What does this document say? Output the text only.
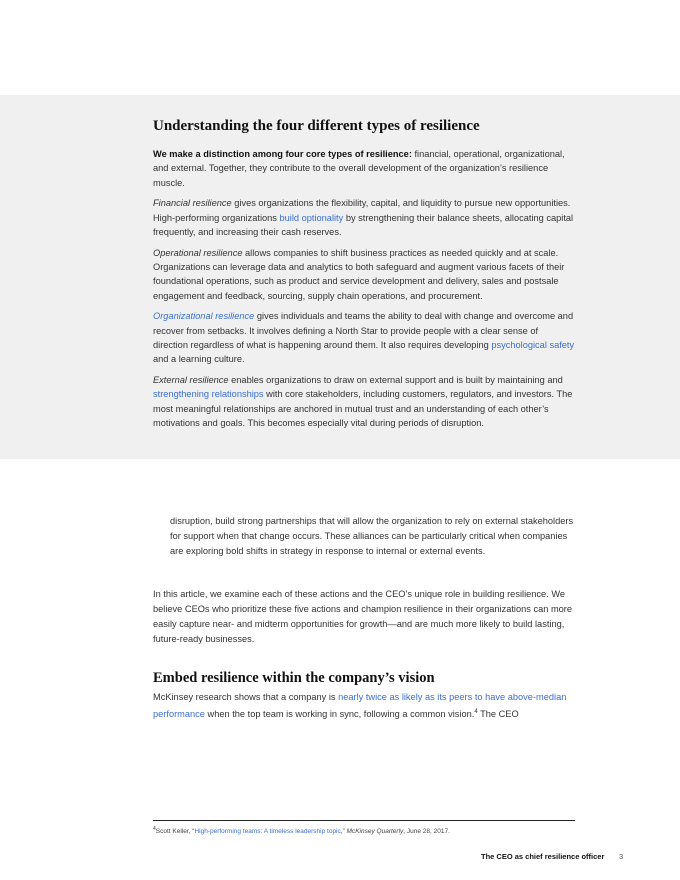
Understanding the four different types of resilience

We make a distinction among four core types of resilience: financial, operational, organizational, and external. Together, they contribute to the overall development of the organization’s resilience muscle.

Financial resilience gives organizations the flexibility, capital, and liquidity to pursue new opportunities. High-performing organizations build optionality by strengthening their balance sheets, allocating capital frequently, and increasing their cash reserves.

Operational resilience allows companies to shift business practices as needed quickly and at scale. Organizations can leverage data and analytics to both safeguard and augment various facets of their foundational operations, such as product and service development and delivery, sales and postsale engagement and feedback, sourcing, supply chain operations, and procurement.

Organizational resilience gives individuals and teams the ability to deal with change and overcome and recover from setbacks. It involves defining a North Star to provide people with a clear sense of direction regardless of what is happening around them. It also requires developing psychological safety and a learning culture.

External resilience enables organizations to draw on external support and is built by maintaining and strengthening relationships with core stakeholders, including customers, regulators, and investors. The most meaningful relationships are anchored in mutual trust and an understanding of each other’s motivations and goals. This becomes especially vital during periods of disruption.

disruption, build strong partnerships that will allow the organization to rely on external stakeholders for support when that change occurs. These alliances can be particularly critical when companies are exploring bold shifts in strategy in response to internal or external events.

In this article, we examine each of these actions and the CEO’s unique role in building resilience. We believe CEOs who prioritize these five actions and champion resilience in their organizations can more easily capture near- and midterm opportunities for growth—and are much more likely to build lasting, future-ready businesses.

Embed resilience within the company’s vision

McKinsey research shows that a company is nearly twice as likely as its peers to have above-median performance when the top team is working in sync, following a common vision.$^4$ The CEO

$^4$Scott Keller, “High-performing teams: A timeless leadership topic,” McKinsey Quarterly, June 28, 2017.
The CEO as chief resilience officer 3
